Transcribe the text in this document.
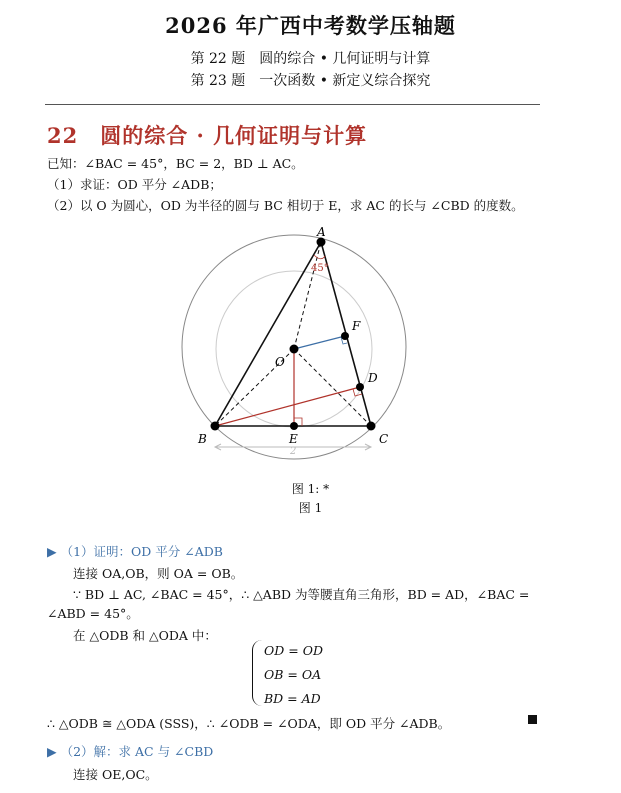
2026 年广西中考数学压轴题
第 22 题　圆的综合 • 几何证明与计算
第 23 题　一次函数 • 新定义综合探究
22　圆的综合 · 几何证明与计算
已知：∠BAC = 45°，BC = 2，BD ⊥ AC。
（1）求证：OD 平分 ∠ADB；
（2）以 O 为圆心，OD 为半径的圆与 BC 相切于 E，求 AC 的长与 ∠CBD 的度数。
45°
2
A
B	C
D
E
F
O
图 1: *
图 1
▶ （1）证明：OD 平分 ∠ADB
连接 OA,OB，则 OA = OB。
∵ BD ⊥ AC, ∠BAC = 45°，∴ △ABD 为等腰直角三角形，BD = AD，∠BAC =
∠ABD = 45°。
在 △ODB 和 △ODA 中：
OD = OD
OB = OA
BD = AD
∴ △ODB ≅ △ODA (SSS)，∴ ∠ODB = ∠ODA，即 OD 平分 ∠ADB。
▶ （2）解：求 AC 与 ∠CBD
连接 OE,OC。
